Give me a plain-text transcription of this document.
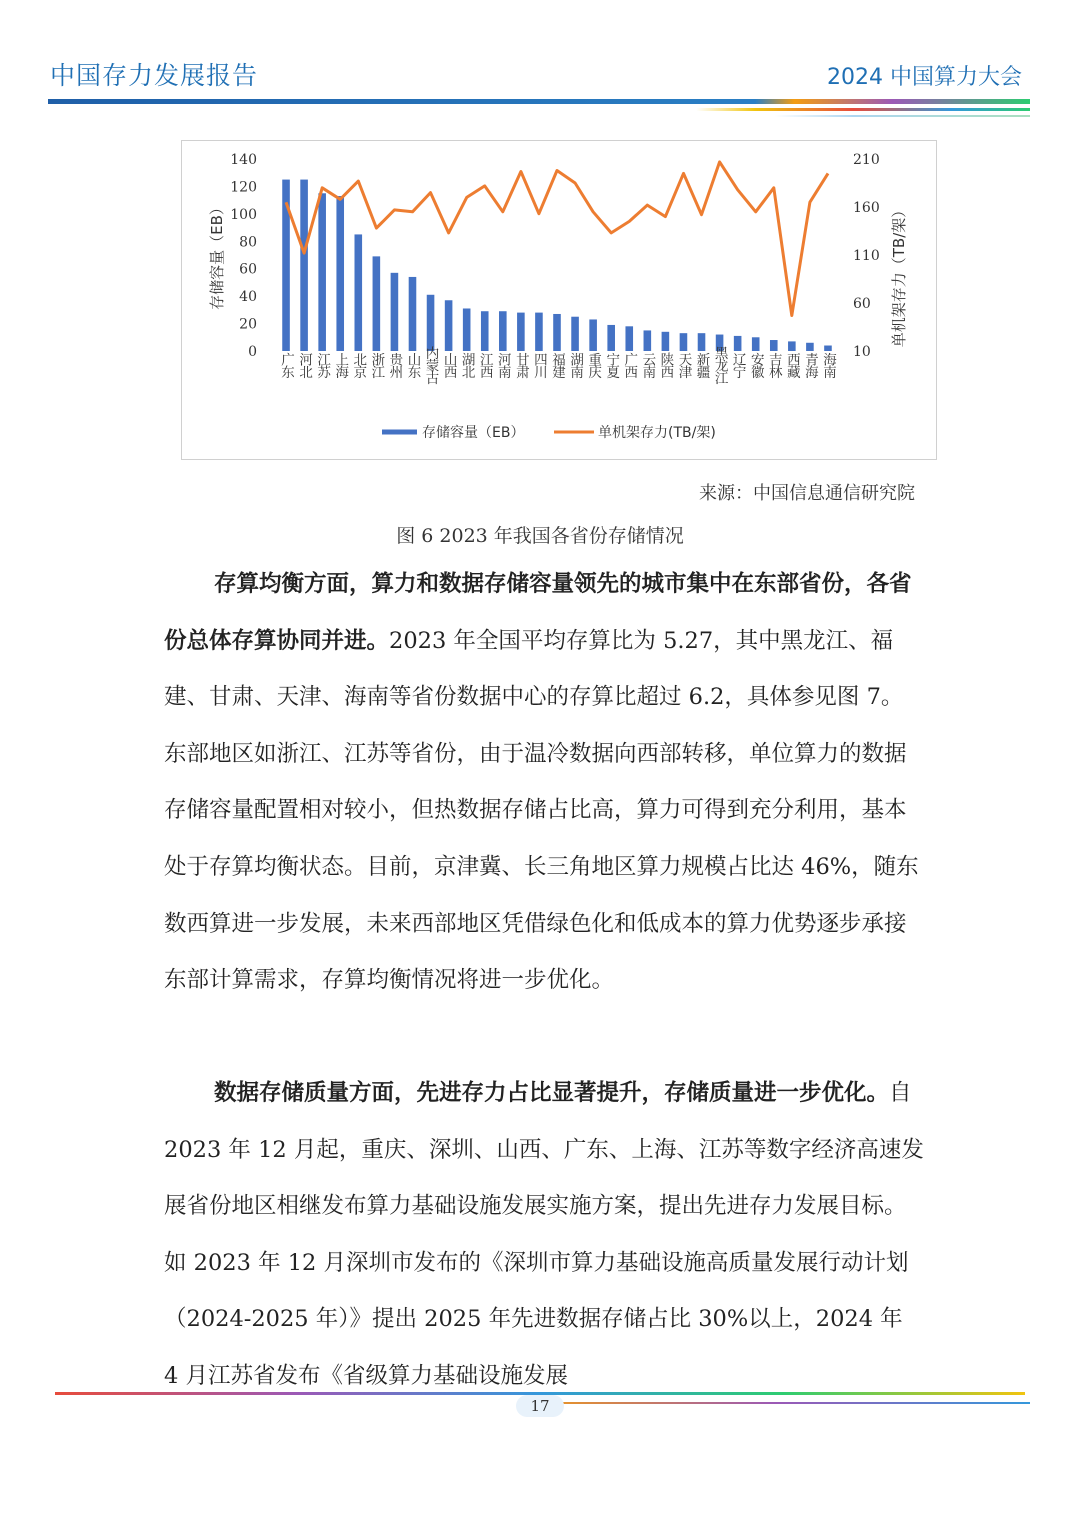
中国存力发展报告	2024 中国算力大会
0
20
40
60
80
100
120
140
10
60
110
160
210
存储容量（EB）	单机架存力（TB/架）
广东 河北 江苏 上海 北京 浙江 贵州 山东 内蒙古 山西 湖北 江西 河南 甘肃 四川 福建 湖南 重庆 宁夏 广西 云南 陕西 天津 新疆 黑龙江 辽宁 安徽 吉林 西藏 青海 海南
存储容量（EB）	单机架存力(TB/架)
来源：中国信息通信研究院
图 6 2023 年我国各省份存储情况
存算均衡方面，算力和数据存储容量领先的城市集中在东部省份，各省份总体存算协同并进。2023 年全国平均存算比为 5.27，其中黑龙江、福建、甘肃、天津、海南等省份数据中心的存算比超过 6.2，具体参见图 7。东部地区如浙江、江苏等省份，由于温冷数据向西部转移，单位算力的数据存储容量配置相对较小，但热数据存储占比高，算力可得到充分利用，基本处于存算均衡状态。目前，京津冀、长三角地区算力规模占比达 46%，随东数西算进一步发展，未来西部地区凭借绿色化和低成本的算力优势逐步承接东部计算需求，存算均衡情况将进一步优化。
数据存储质量方面，先进存力占比显著提升，存储质量进一步优化。自 2023 年 12 月起，重庆、深圳、山西、广东、上海、江苏等数字经济高速发展省份地区相继发布算力基础设施发展实施方案，提出先进存力发展目标。如 2023 年 12 月深圳市发布的《深圳市算力基础设施高质量发展行动计划（2024-2025 年）》提出 2025 年先进数据存储占比 30%以上，2024 年 4 月江苏省发布《省级算力基础设施发展
17
